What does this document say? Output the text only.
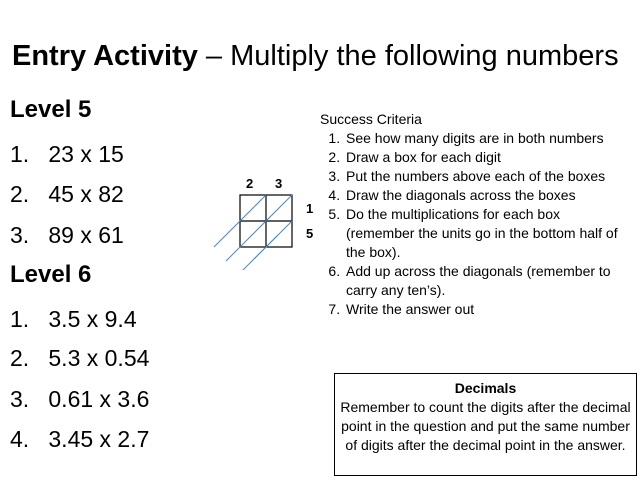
Entry Activity – Multiply the following numbers
Level 5
1. 23 x 15
2. 45 x 82
3. 89 x 61
Level 6
1. 3.5 x 9.4
2. 5.3 x 0.54
3. 0.61 x 3.6
4. 3.45 x 2.7
2 3
1
5
Success Criteria
1. See how many digits are in both numbers
2. Draw a box for each digit
3. Put the numbers above each of the boxes
4. Draw the diagonals across the boxes
5. Do the multiplications for each box (remember the units go in the bottom half of the box).
6. Add up across the diagonals (remember to carry any ten’s).
7. Write the answer out
Decimals
Remember to count the digits after the decimal point in the question and put the same number of digits after the decimal point in the answer.
